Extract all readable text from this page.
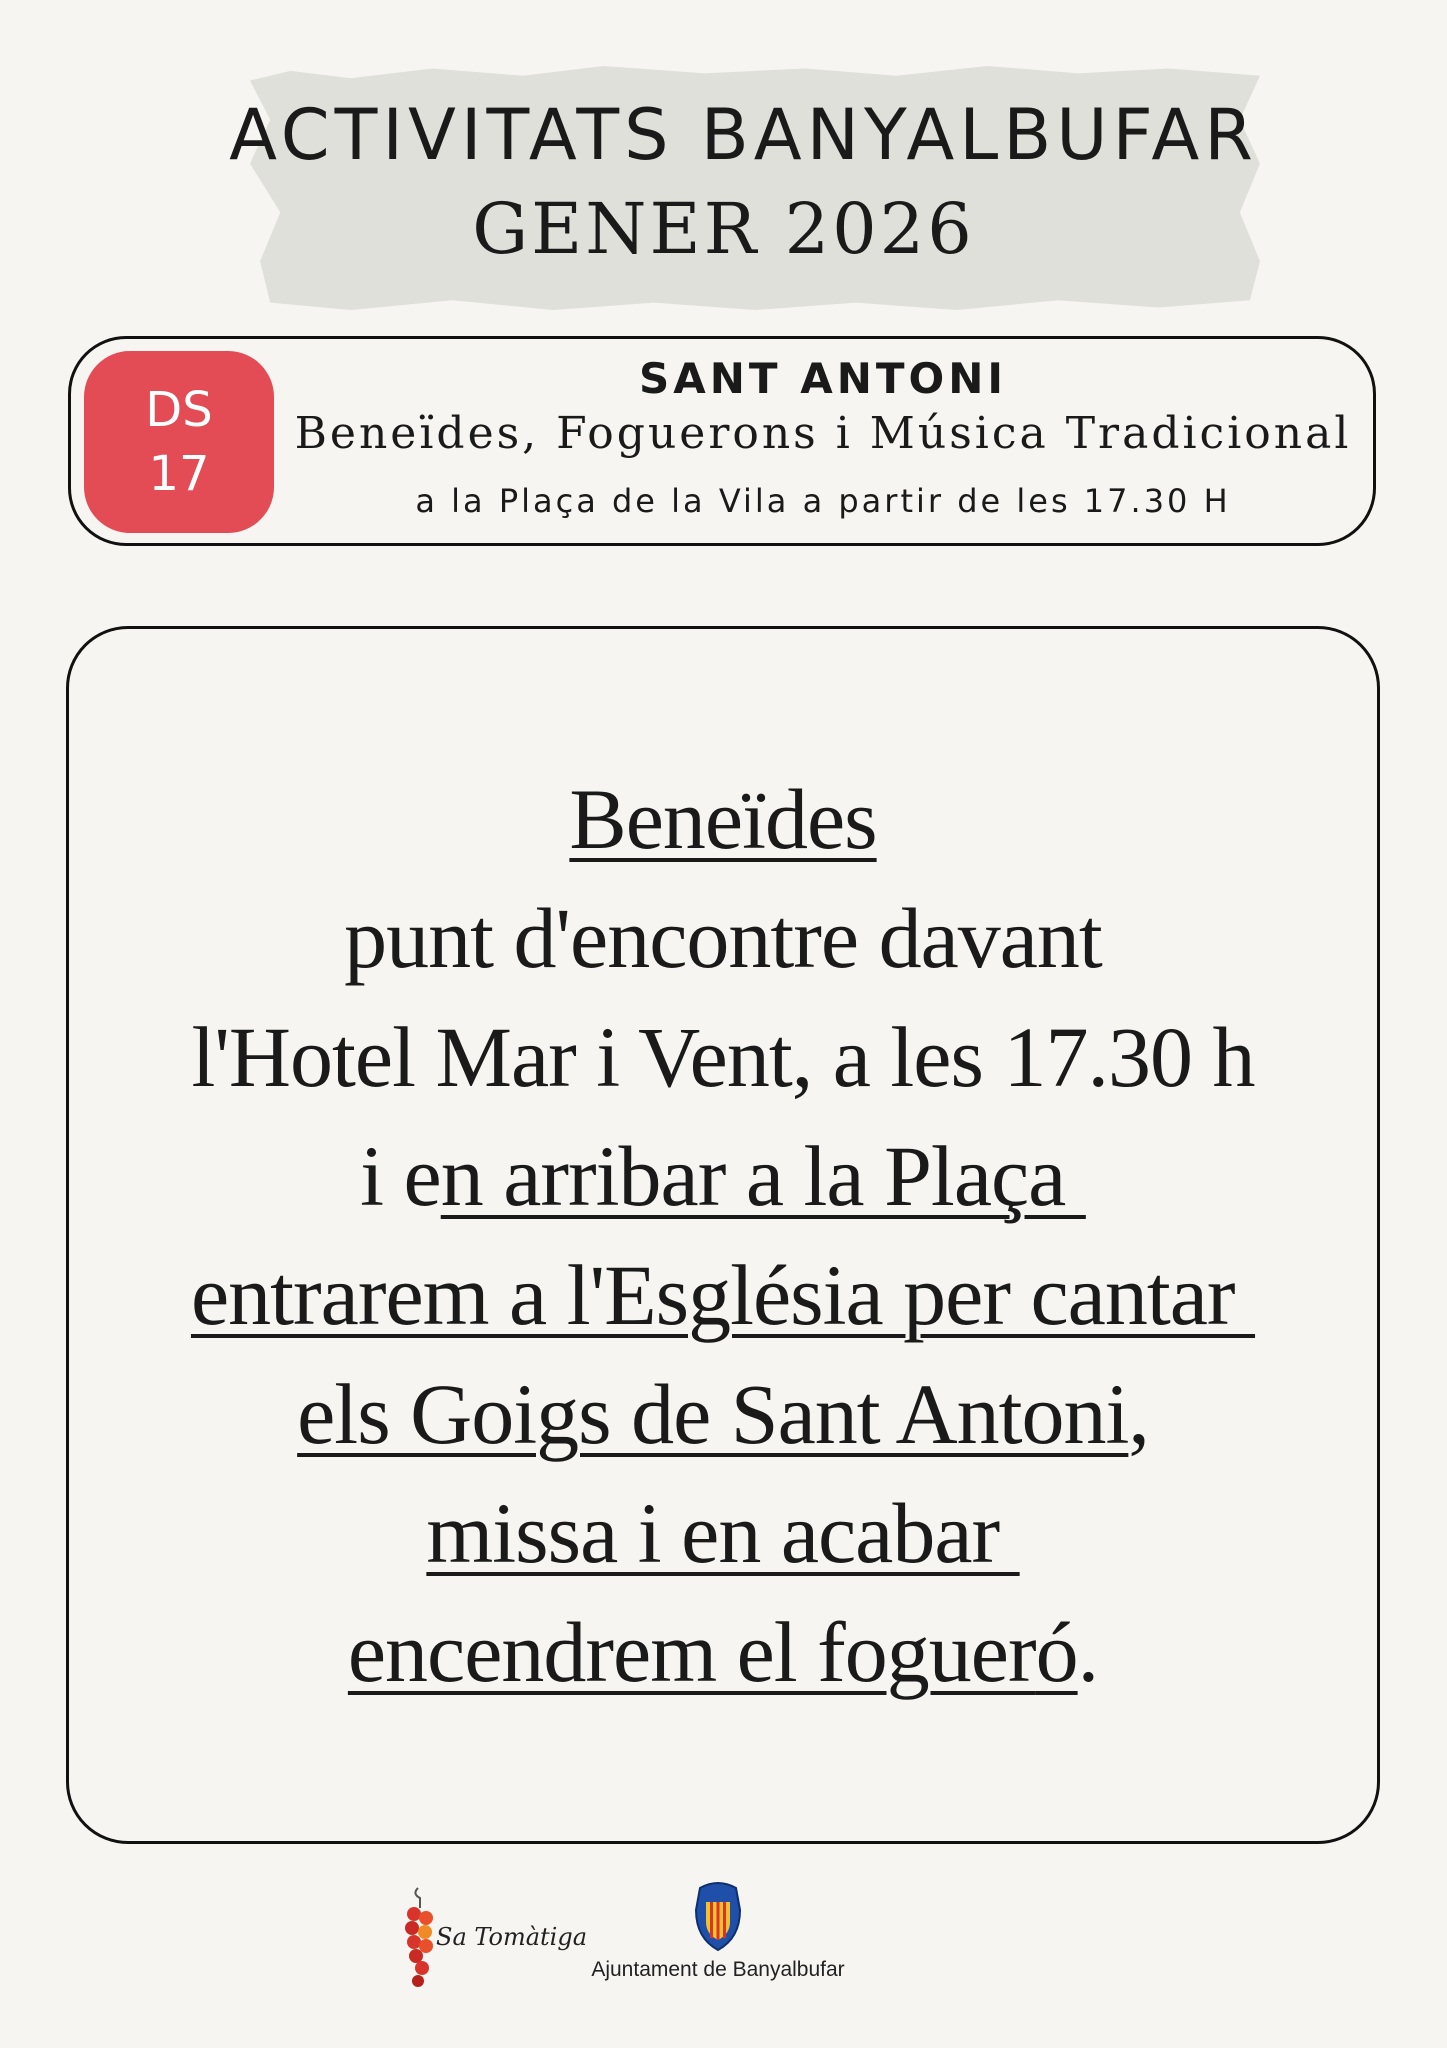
ACTIVITATS BANYALBUFAR
GENER 2026
DS
17
SANT ANTONI
Beneïdes, Foguerons i Música Tradicional
a la Plaça de la Vila a partir de les 17.30 H
Beneïdes
punt d'encontre davant
l'Hotel Mar i Vent, a les 17.30 h
i en arribar a la Plaça
entrarem a l'Església per cantar
els Goigs de Sant Antoni,
missa i en acabar
encendrem el fogueró.
Sa Tomàtiga
Ajuntament de Banyalbufar
